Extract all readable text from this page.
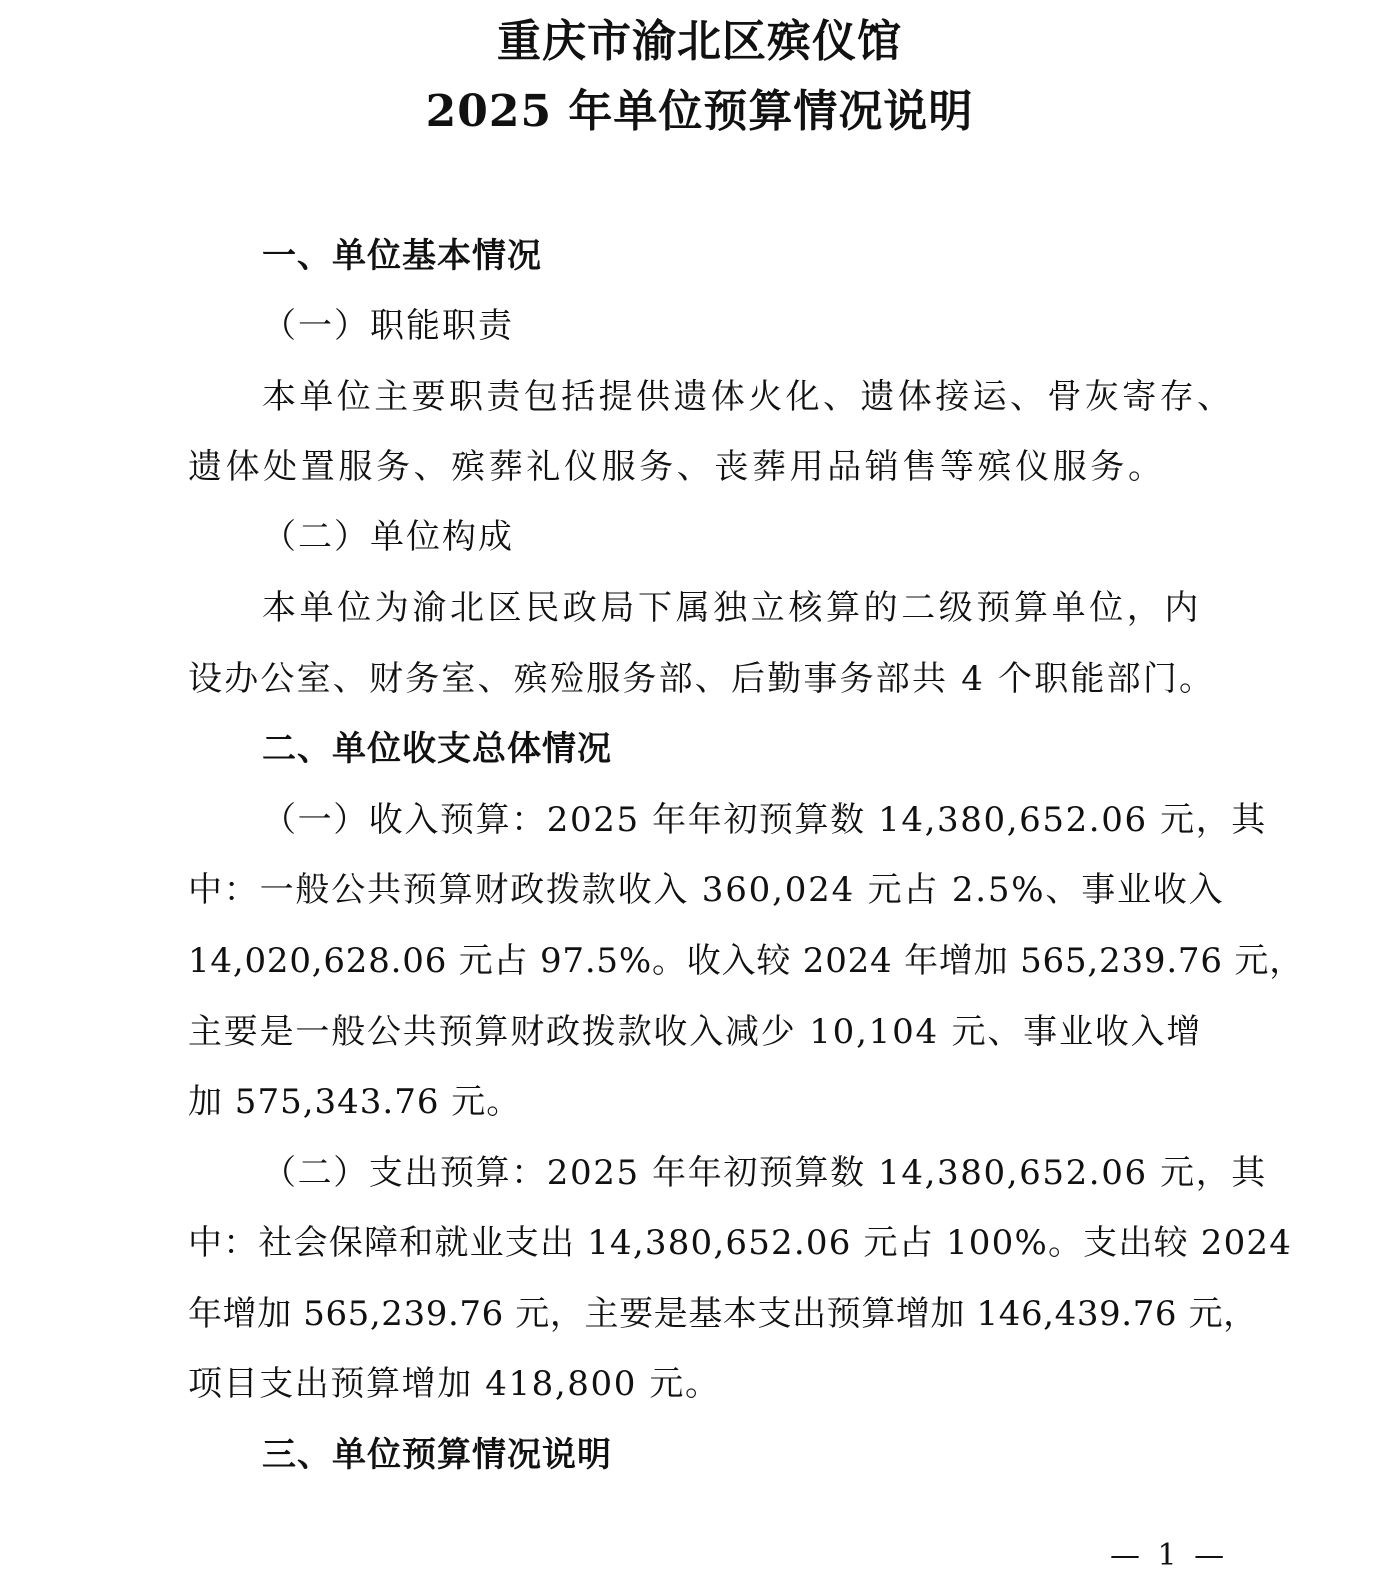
重庆市渝北区殡仪馆
2025 年单位预算情况说明
一、单位基本情况
（一）职能职责
本单位主要职责包括提供遗体火化、遗体接运、骨灰寄存、
遗体处置服务、殡葬礼仪服务、丧葬用品销售等殡仪服务。
（二）单位构成
本单位为渝北区民政局下属独立核算的二级预算单位，内
设办公室、财务室、殡殓服务部、后勤事务部共 4 个职能部门。
二、单位收支总体情况
（一）收入预算：2025 年年初预算数 14,380,652.06 元，其
中：一般公共预算财政拨款收入 360,024 元占 2.5%、事业收入
14,020,628.06 元占 97.5%。收入较 2024 年增加 565,239.76 元，
主要是一般公共预算财政拨款收入减少 10,104 元、事业收入增
加 575,343.76 元。
（二）支出预算：2025 年年初预算数 14,380,652.06 元，其
中：社会保障和就业支出 14,380,652.06 元占 100%。支出较 2024
年增加 565,239.76 元，主要是基本支出预算增加 146,439.76 元，
项目支出预算增加 418,800 元。
三、单位预算情况说明
— 1 —
